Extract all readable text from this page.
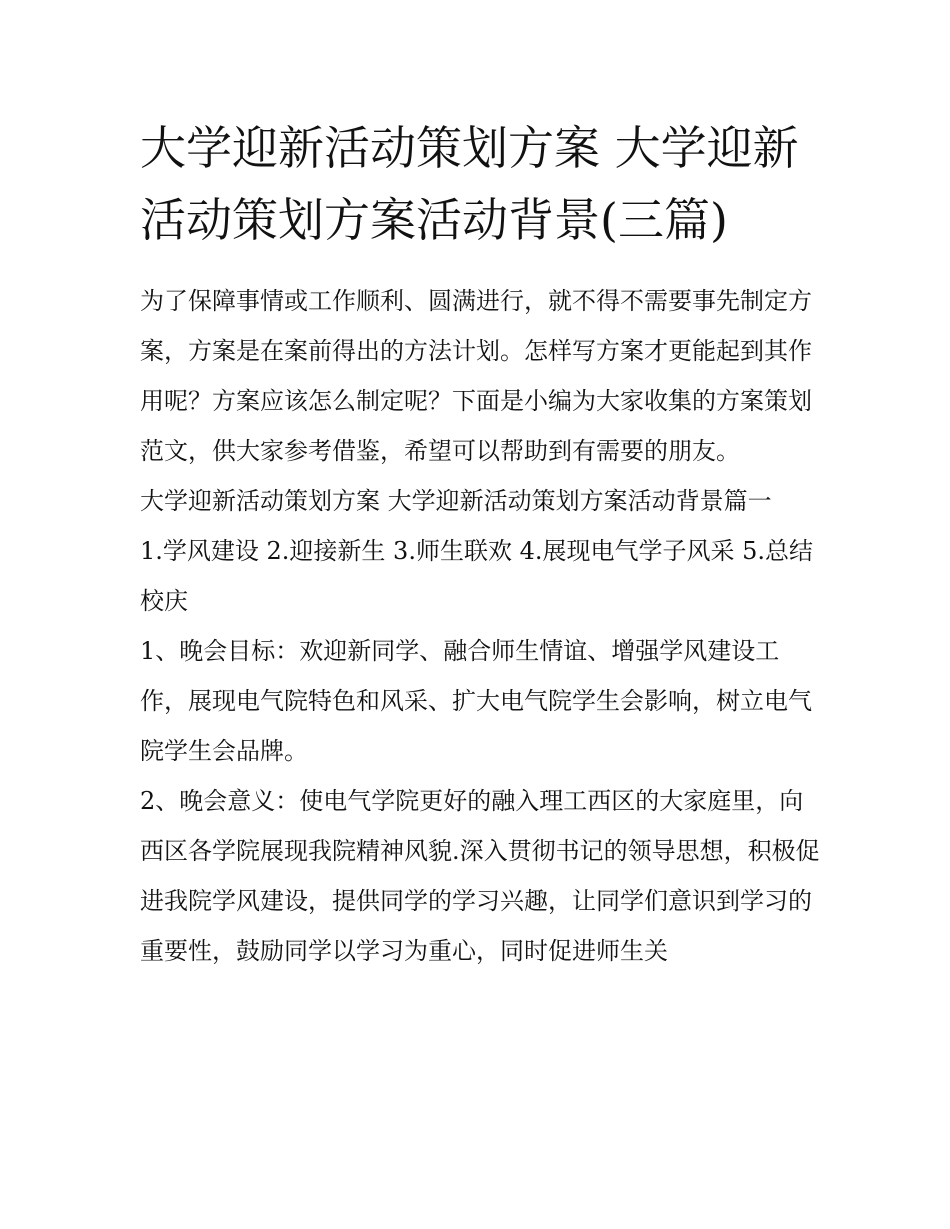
大学迎新活动策划方案 大学迎新活动策划方案活动背景(三篇)

为了保障事情或工作顺利、圆满进行，就不得不需要事先制定方案，方案是在案前得出的方法计划。怎样写方案才更能起到其作用呢？方案应该怎么制定呢？下面是小编为大家收集的方案策划范文，供大家参考借鉴，希望可以帮助到有需要的朋友。

大学迎新活动策划方案 大学迎新活动策划方案活动背景篇一

1.学风建设 2.迎接新生 3.师生联欢 4.展现电气学子风采 5.总结校庆

1、晚会目标：欢迎新同学、融合师生情谊、增强学风建设工作，展现电气院特色和风采、扩大电气院学生会影响，树立电气院学生会品牌。

2、晚会意义：使电气学院更好的融入理工西区的大家庭里，向西区各学院展现我院精神风貌.深入贯彻书记的领导思想，积极促进我院学风建设，提供同学的学习兴趣，让同学们意识到学习的重要性，鼓励同学以学习为重心，同时促进师生关
